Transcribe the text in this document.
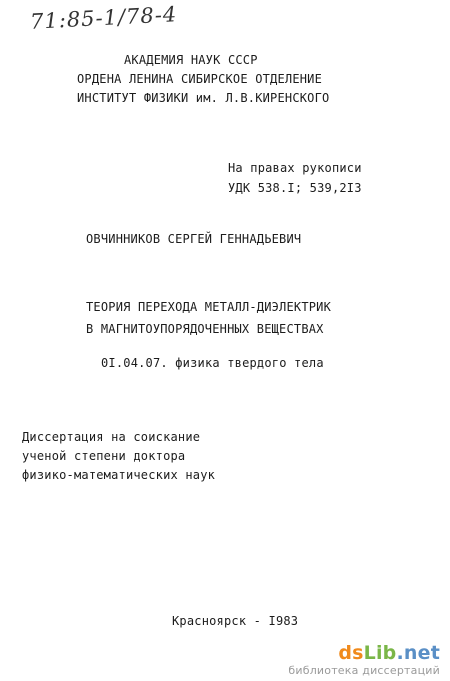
71:85-1/78-4
АКАДЕМИЯ НАУК СССР
ОРДЕНА ЛЕНИНА СИБИРСКОЕ ОТДЕЛЕНИЕ
ИНСТИТУТ ФИЗИКИ им. Л.В.КИРЕНСКОГО
На правах рукописи
УДК 538.I; 539,2I3
ОВЧИННИКОВ СЕРГЕЙ ГЕННАДЬЕВИЧ
ТЕОРИЯ ПЕРЕХОДА МЕТАЛЛ-ДИЭЛЕКТРИК
В МАГНИТОУПОРЯДОЧЕННЫХ ВЕЩЕСТВАХ
0I.04.07. физика твердого тела
Диссертация на соискание
ученой степени доктора
физико-математических наук
Красноярск - I983
dsLib.net
библиотека диссертаций
